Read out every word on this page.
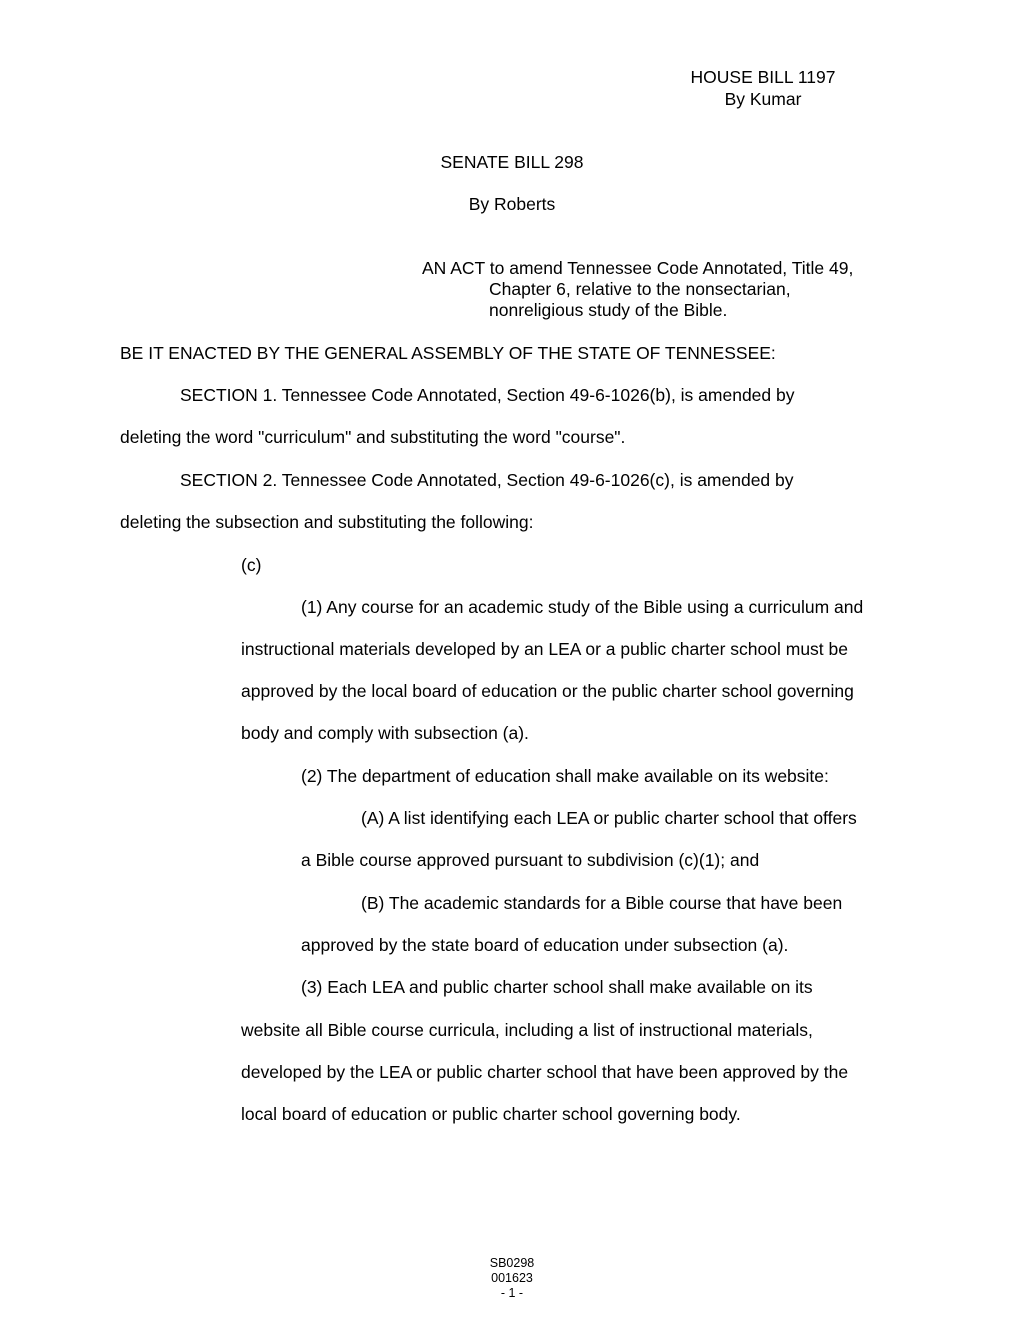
HOUSE BILL 1197
By Kumar
SENATE BILL 298
By Roberts
AN ACT to amend Tennessee Code Annotated, Title 49,
Chapter 6, relative to the nonsectarian,
nonreligious study of the Bible.
BE IT ENACTED BY THE GENERAL ASSEMBLY OF THE STATE OF TENNESSEE:
SECTION 1. Tennessee Code Annotated, Section 49-6-1026(b), is amended by
deleting the word "curriculum" and substituting the word "course".
SECTION 2. Tennessee Code Annotated, Section 49-6-1026(c), is amended by
deleting the subsection and substituting the following:
(c)
(1) Any course for an academic study of the Bible using a curriculum and
instructional materials developed by an LEA or a public charter school must be
approved by the local board of education or the public charter school governing
body and comply with subsection (a).
(2) The department of education shall make available on its website:
(A) A list identifying each LEA or public charter school that offers
a Bible course approved pursuant to subdivision (c)(1); and
(B) The academic standards for a Bible course that have been
approved by the state board of education under subsection (a).
(3) Each LEA and public charter school shall make available on its
website all Bible course curricula, including a list of instructional materials,
developed by the LEA or public charter school that have been approved by the
local board of education or public charter school governing body.
SB0298
001623
- 1 -
